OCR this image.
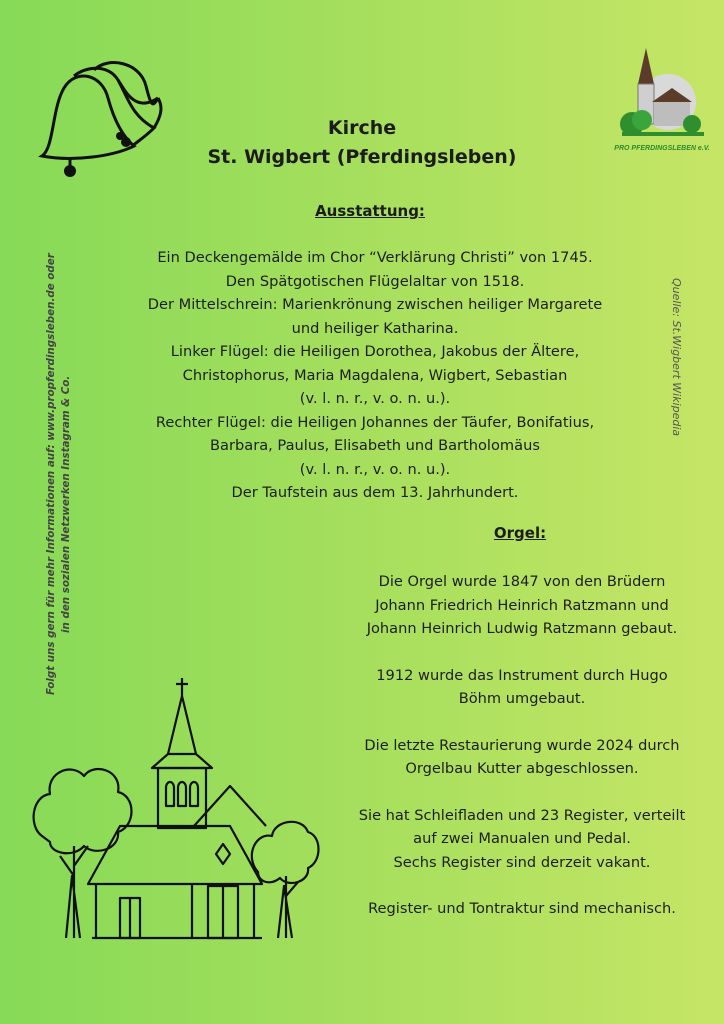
PRO PFERDINGSLEBEN e.V.
Kirche
St. Wigbert (Pferdingsleben)
Ausstattung:
Ein Deckengemälde im Chor “Verklärung Christi” von 1745.
Den Spätgotischen Flügelaltar von 1518.
Der Mittelschrein: Marienkrönung zwischen heiliger Margarete
und heiliger Katharina.
Linker Flügel: die Heiligen Dorothea, Jakobus der Ältere,
Christophorus, Maria Magdalena, Wigbert, Sebastian
(v. l. n. r., v. o. n. u.).
Rechter Flügel: die Heiligen Johannes der Täufer, Bonifatius,
Barbara, Paulus, Elisabeth und Bartholomäus
(v. l. n. r., v. o. n. u.).
Der Taufstein aus dem 13. Jahrhundert.
Orgel:
Die Orgel wurde 1847 von den Brüdern
Johann Friedrich Heinrich Ratzmann und
Johann Heinrich Ludwig Ratzmann gebaut.
1912 wurde das Instrument durch Hugo
Böhm umgebaut.
Die letzte Restaurierung wurde 2024 durch
Orgelbau Kutter abgeschlossen.
Sie hat Schleifladen und 23 Register, verteilt
auf zwei Manualen und Pedal.
Sechs Register sind derzeit vakant.
Register- und Tontraktur sind mechanisch.
Folgt uns gern für mehr Informationen auf: www.propferdingsleben.de oder in den sozialen Netzwerken Instagram & Co.
Quelle: St.Wigbert Wikipedia
